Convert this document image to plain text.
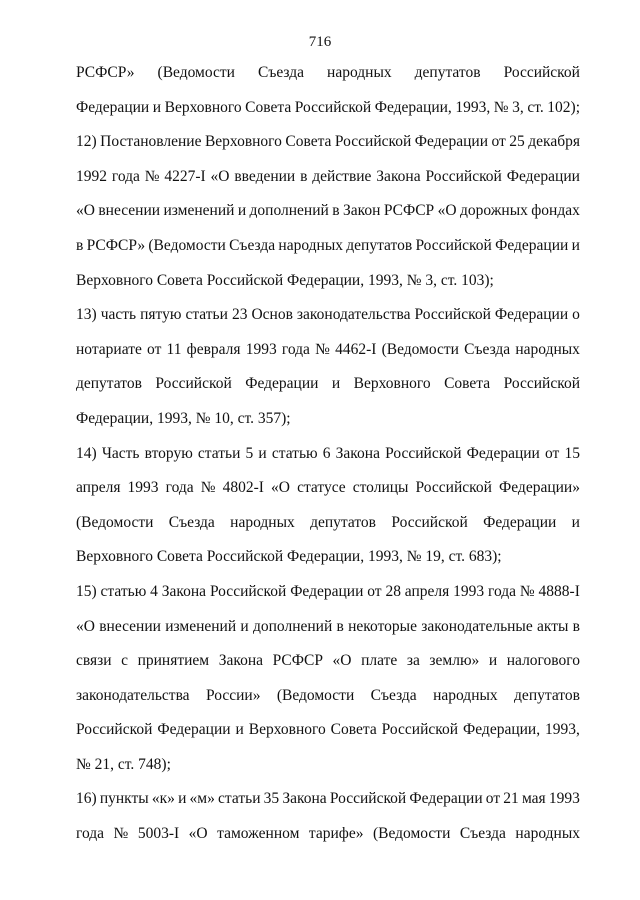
716
РСФСР» (Ведомости Съезда народных депутатов Российской
Федерации и Верховного Совета Российской Федерации, 1993, № 3, ст. 102);
12) Постановление Верховного Совета Российской Федерации от 25 декабря
1992 года № 4227-I «О введении в действие Закона Российской Федерации
«О внесении изменений и дополнений в Закон РСФСР «О дорожных фондах
в РСФСР» (Ведомости Съезда народных депутатов Российской Федерации и
Верховного Совета Российской Федерации, 1993, № 3, ст. 103);
13) часть пятую статьи 23 Основ законодательства Российской Федерации о
нотариате от 11 февраля 1993 года № 4462-I (Ведомости Съезда народных
депутатов Российской Федерации и Верховного Совета Российской
Федерации, 1993, № 10, ст. 357);
14) Часть вторую статьи 5 и статью 6 Закона Российской Федерации от 15
апреля 1993 года № 4802-I «О статусе столицы Российской Федерации»
(Ведомости Съезда народных депутатов Российской Федерации и
Верховного Совета Российской Федерации, 1993, № 19, ст. 683);
15) статью 4 Закона Российской Федерации от 28 апреля 1993 года № 4888-I
«О внесении изменений и дополнений в некоторые законодательные акты в
связи с принятием Закона РСФСР «О плате за землю» и налогового
законодательства России» (Ведомости Съезда народных депутатов
Российской Федерации и Верховного Совета Российской Федерации, 1993,
№ 21, ст. 748);
16) пункты «к» и «м» статьи 35 Закона Российской Федерации от 21 мая 1993
года № 5003-I «О таможенном тарифе» (Ведомости Съезда народных
